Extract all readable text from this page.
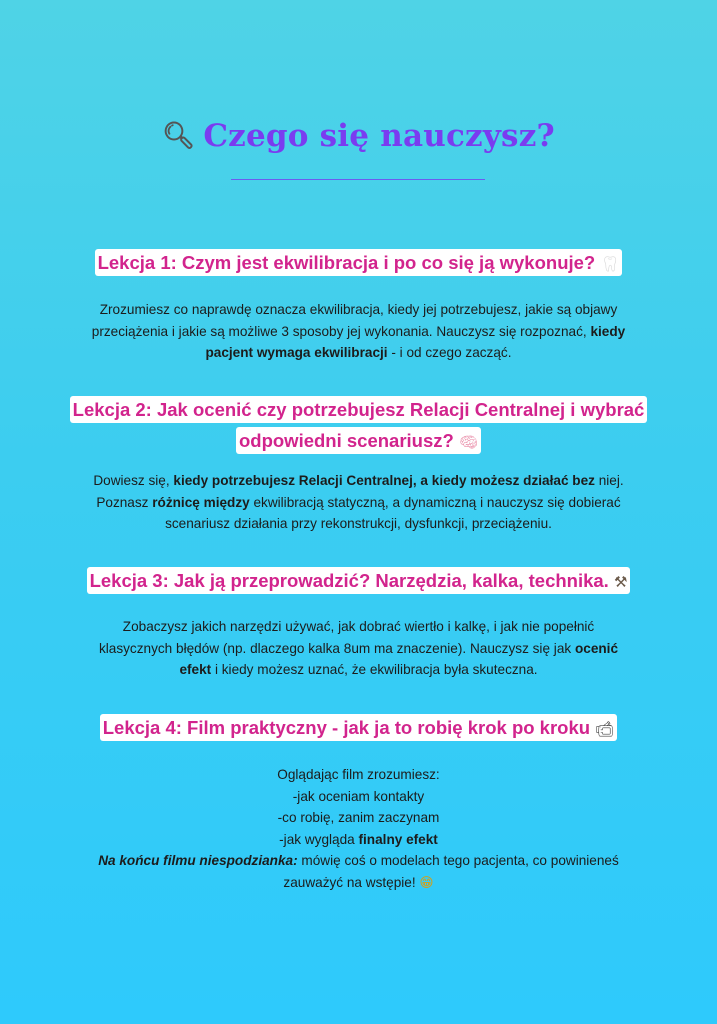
🔍︎ Czego się nauczysz?
Lekcja 1: Czym jest ekwilibracja i po co się ją wykonuje? 🦷︎
Zrozumiesz co naprawdę oznacza ekwilibracja, kiedy jej potrzebujesz, jakie są objawy przeciążenia i jakie są możliwe 3 sposoby jej wykonania. Nauczysz się rozpoznać, kiedy pacjent wymaga ekwilibracji - i od czego zacząć.
Lekcja 2: Jak ocenić czy potrzebujesz Relacji Centralnej i wybrać
odpowiedni scenariusz? 🧠︎
Dowiesz się, kiedy potrzebujesz Relacji Centralnej, a kiedy możesz działać bez niej. Poznasz różnicę między ekwilibracją statyczną, a dynamiczną i nauczysz się dobierać scenariusz działania przy rekonstrukcji, dysfunkcji, przeciążeniu.
Lekcja 3: Jak ją przeprowadzić? Narzędzia, kalka, technika. ⚒︎
Zobaczysz jakich narzędzi używać, jak dobrać wiertło i kalkę, i jak nie popełnić klasycznych błędów (np. dlaczego kalka 8um ma znaczenie). Nauczysz się jak ocenić efekt i kiedy możesz uznać, że ekwilibracja była skuteczna.
Lekcja 4: Film praktyczny - jak ja to robię krok po kroku 📹︎
Oglądając film zrozumiesz:
-jak oceniam kontakty
-co robię, zanim zaczynam
-jak wygląda finalny efekt
Na końcu filmu niespodzianka: mówię coś o modelach tego pacjenta, co powinieneś zauważyć na wstępie! 😁︎
